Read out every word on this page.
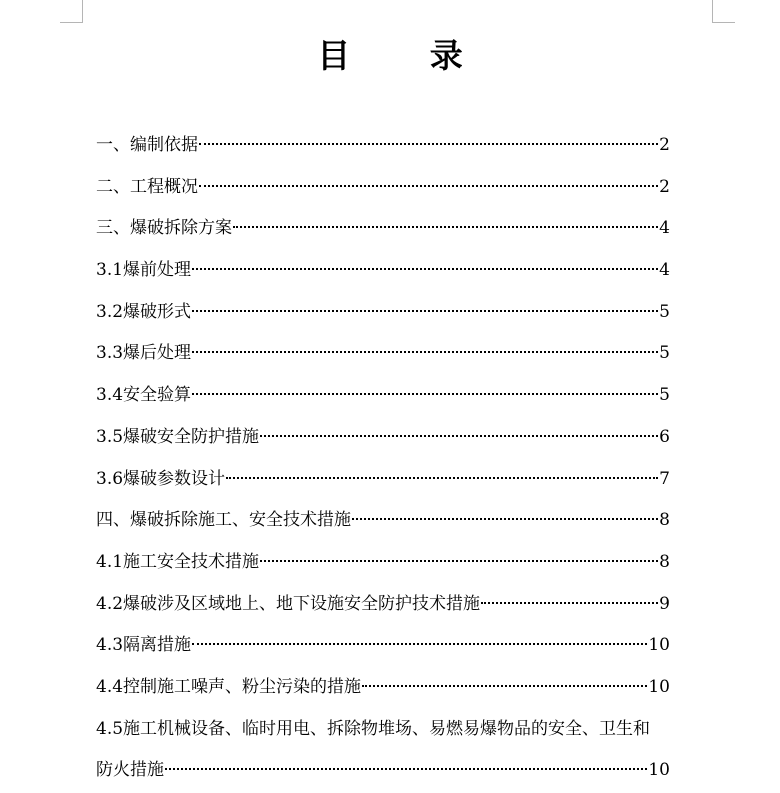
目 录
一、编制依据	2
二、工程概况	2
三、爆破拆除方案	4
3.1爆前处理	4
3.2爆破形式	5
3.3爆后处理	5
3.4安全验算	5
3.5爆破安全防护措施	6
3.6爆破参数设计	7
四、爆破拆除施工、安全技术措施	8
4.1施工安全技术措施	8
4.2爆破涉及区域地上、地下设施安全防护技术措施	9
4.3隔离措施	10
4.4控制施工噪声、粉尘污染的措施	10
4.5施工机械设备、临时用电、拆除物堆场、易燃易爆物品的安全、卫生和
防火措施	10
